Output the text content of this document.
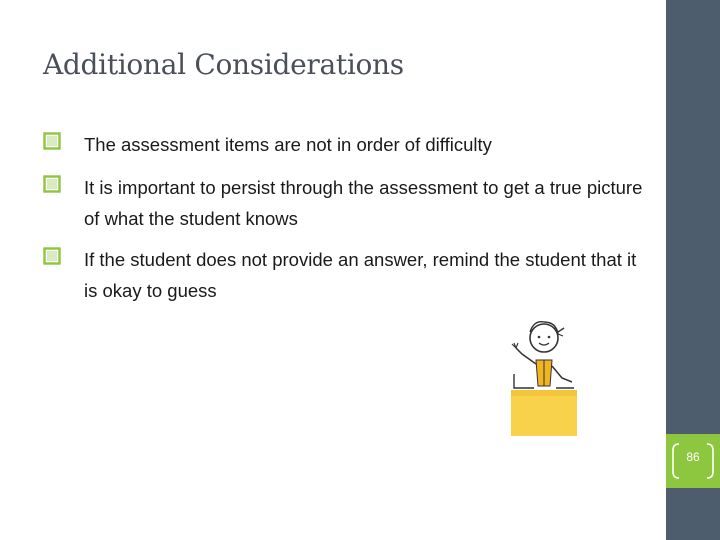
Additional Considerations
The assessment items are not in order of difficulty
It is important to persist through the assessment to get a true picture of what the student knows
If the student does not provide an answer, remind the student that it is okay to guess
86
